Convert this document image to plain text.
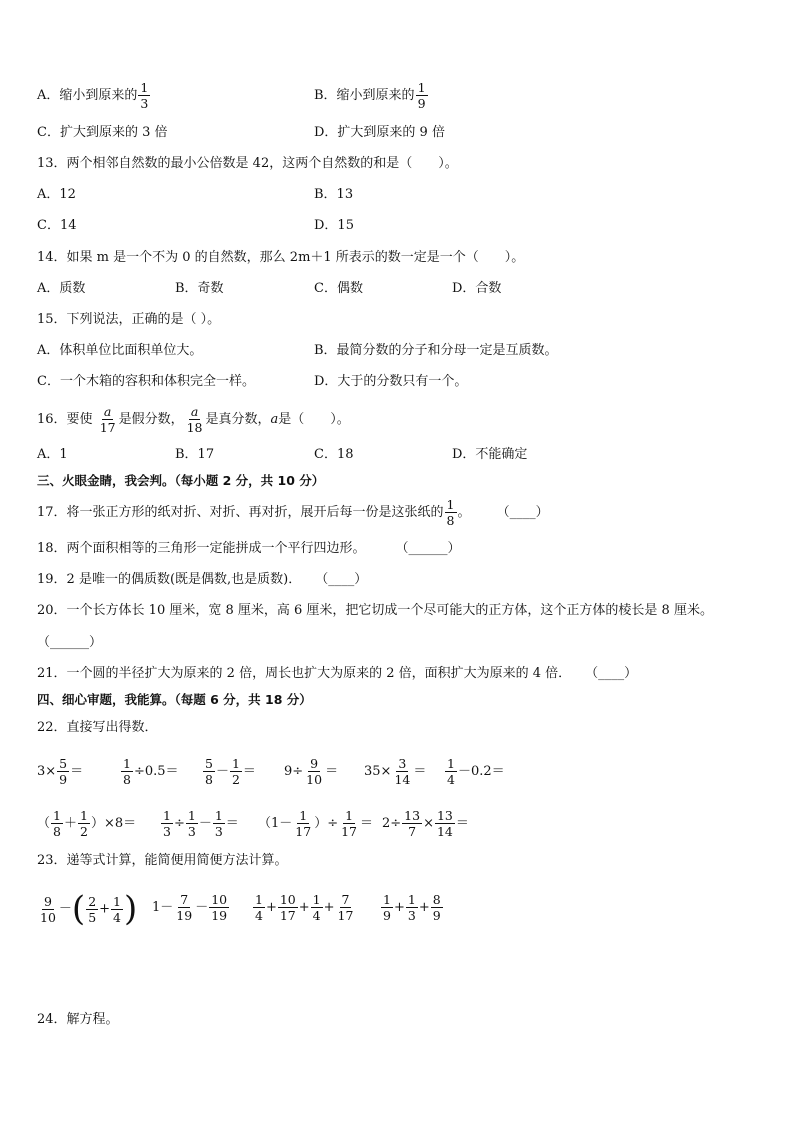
A．缩小到原来的 $\frac{1}{3}$	B．缩小到原来的 $\frac{1}{9}$
C．扩大到原来的 3 倍	D．扩大到原来的 9 倍
13．两个相邻自然数的最小公倍数是 42，这两个自然数的和是（　　）。
A．12	B．13
C．14	D．15
14．如果 m 是一个不为 0 的自然数，那么 2m＋1 所表示的数一定是一个（　　）。
A．质数	B．奇数	C．偶数	D．合数
15．下列说法，正确的是（ ）。
A．体积单位比面积单位大。	B．最简分数的分子和分母一定是互质数。
C．一个木箱的容积和体积完全一样。	D．大于的分数只有一个。
16．要使 $\frac{a}{17}$ 是假分数， $\frac{a}{18}$ 是真分数，a是（　　）。
A．1	B．17	C．18	D．不能确定
三、火眼金睛，我会判。（每小题 2 分，共 10 分）
17．将一张正方形的纸对折、对折、再对折，展开后每一份是这张纸的 $\frac{1}{8}$ 。 （____）
18．两个面积相等的三角形一定能拼成一个平行四边形。 （______）
19．2 是唯一的偶质数(既是偶数,也是质数)． （____）
20．一个长方体长 10 厘米，宽 8 厘米，高 6 厘米，把它切成一个尽可能大的正方体，这个正方体的棱长是 8 厘米。
（______）
21．一个圆的半径扩大为原来的 2 倍，周长也扩大为原来的 2 倍，面积扩大为原来的 4 倍． （____）
四、细心审题，我能算。（每题 6 分，共 18 分）
22．直接写出得数．
$3\times \frac{5}{9}$ ＝	$\frac{1}{8} \div 0.5= \frac{5}{8} - \frac{1}{2} = 9\div \frac{9}{10} = 35\times \frac{3}{14} = \frac{1}{4} -0.2=$
（ $\frac{1}{8} + \frac{1}{2} )\times 8= \frac{1}{3} \div \frac{1}{3} - \frac{1}{3} = (1- \frac{1}{17}$ ）÷ $\frac{1}{17} = 2\div \frac{13}{7} \times \frac{13}{14}$ ＝
23．递等式计算，能简便用简便方法计算。
$\frac{9}{10}$ －( $\frac{2}{5} + \frac{1}{4}$ ) $1- \frac{7}{19} - \frac{10}{19} \frac{1}{4} + \frac{10}{17} + \frac{1}{4} + \frac{7}{17} \frac{1}{9} + \frac{1}{3} + \frac{8}{9}$
24．解方程。
